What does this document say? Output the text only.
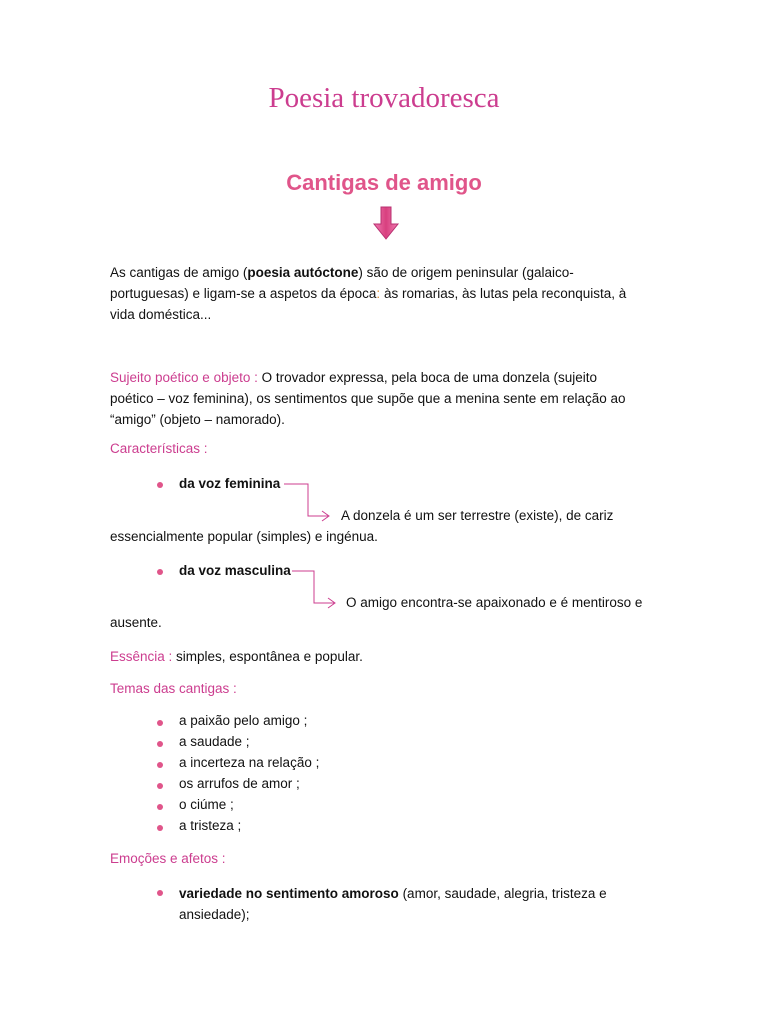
Poesia trovadoresca
Cantigas de amigo
As cantigas de amigo (poesia autóctone) são de origem peninsular (galaico-
portuguesas) e ligam-se a aspetos da época: às romarias, às lutas pela reconquista, à
vida doméstica...
Sujeito poético e objeto : O trovador expressa, pela boca de uma donzela (sujeito
poético – voz feminina), os sentimentos que supõe que a menina sente em relação ao
“amigo” (objeto – namorado).
Características :
da voz feminina
A donzela é um ser terrestre (existe), de cariz
essencialmente popular (simples) e ingénua.
da voz masculina
O amigo encontra-se apaixonado e é mentiroso e
ausente.
Essência : simples, espontânea e popular.
Temas das cantigas :
a paixão pelo amigo ;
a saudade ;
a incerteza na relação ;
os arrufos de amor ;
o ciúme ;
a tristeza ;
Emoções e afetos :
variedade no sentimento amoroso (amor, saudade, alegria, tristeza e
ansiedade);
